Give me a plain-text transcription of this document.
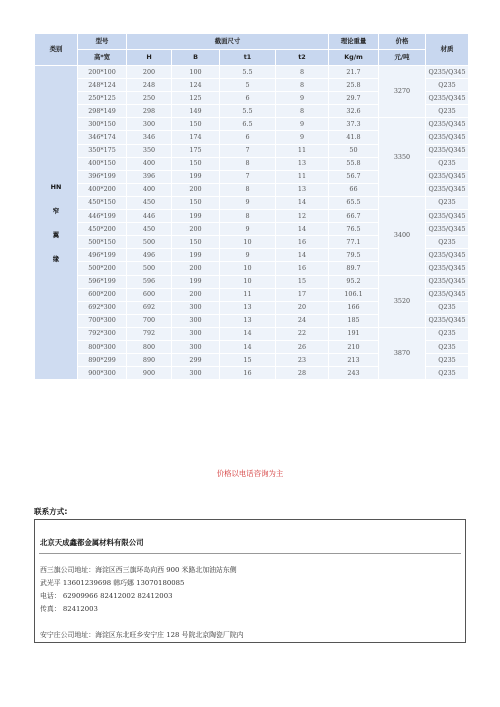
类别	型号	截面尺寸				理论重量	价格	材质
	高*宽	H	B	t1	t2	Kg/m	元/吨	

HN
窄
翼
缘	200*100	200	100	5.5	8	21.7	3270	Q235/Q345
	248*124	248	124	5	8	25.8		Q235
	250*125	250	125	6	9	29.7		Q235/Q345
	298*149	298	149	5.5	8	32.6		Q235
	300*150	300	150	6.5	9	37.3	3350	Q235/Q345
	346*174	346	174	6	9	41.8		Q235/Q345
	350*175	350	175	7	11	50		Q235/Q345
	400*150	400	150	8	13	55.8		Q235
	396*199	396	199	7	11	56.7		Q235/Q345
	400*200	400	200	8	13	66		Q235/Q345
	450*150	450	150	9	14	65.5	3400	Q235
	446*199	446	199	8	12	66.7		Q235/Q345
	450*200	450	200	9	14	76.5		Q235/Q345
	500*150	500	150	10	16	77.1		Q235
	496*199	496	199	9	14	79.5		Q235/Q345
	500*200	500	200	10	16	89.7		Q235/Q345
	596*199	596	199	10	15	95.2	3520	Q235/Q345
	600*200	600	200	11	17	106.1		Q235/Q345
	692*300	692	300	13	20	166		Q235
	700*300	700	300	13	24	185		Q235/Q345
	792*300	792	300	14	22	191	3870	Q235
	800*300	800	300	14	26	210		Q235
	890*299	890	299	15	23	213		Q235
	900*300	900	300	16	28	243		Q235
价格以电话咨询为主
联系方式:
北京天成鑫都金属材料有限公司
西三旗公司地址：海淀区西三旗环岛向西 900 米路北加油站东侧
武光平 13601239698 韩巧娜 13070180085
电话： 62909966 82412002 82412003
传真： 82412003
安宁庄公司地址：海淀区东北旺乡安宁庄 128 号院北京陶瓷厂院内
